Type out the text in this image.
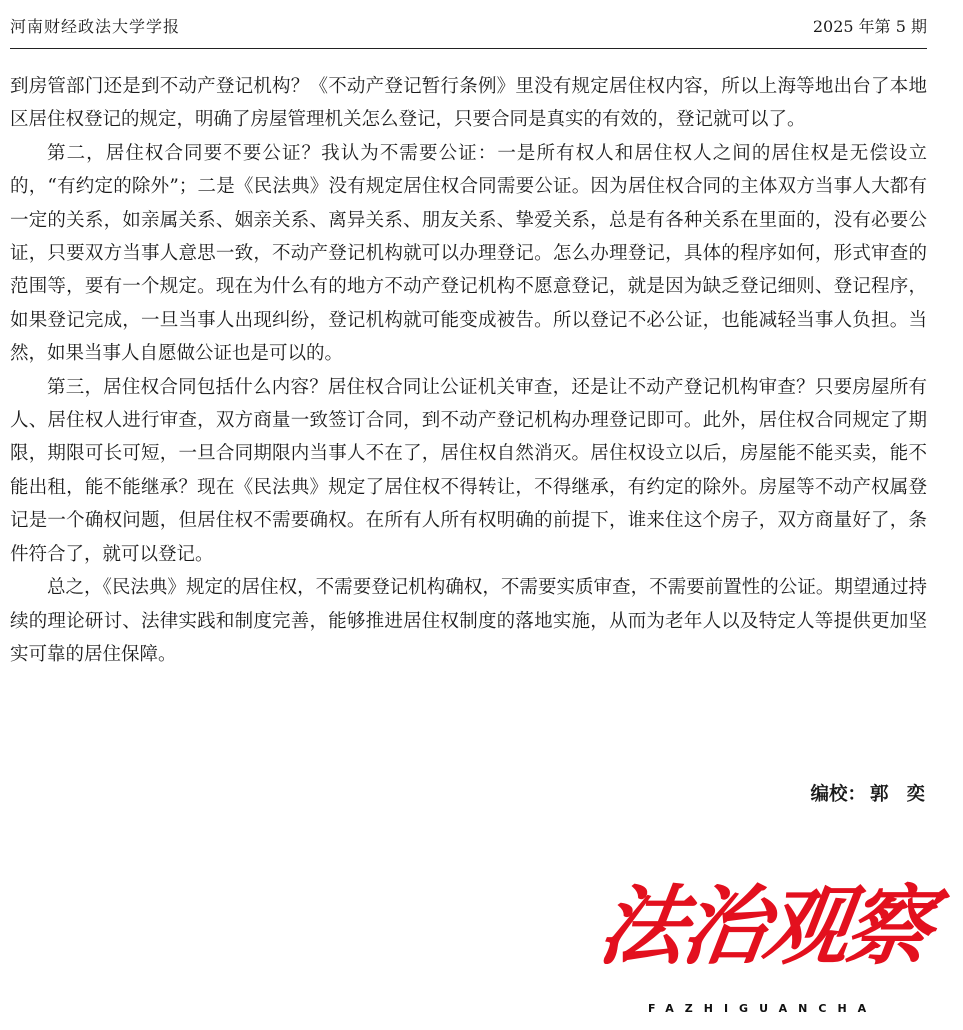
河南财经政法大学学报	2025 年第 5 期

到房管部门还是到不动产登记机构？《不动产登记暂行条例》里没有规定居住权内容，所以上海等地出台了本地区居住权登记的规定，明确了房屋管理机关怎么登记，只要合同是真实的有效的，登记就可以了。

第二，居住权合同要不要公证？我认为不需要公证：一是所有权人和居住权人之间的居住权是无偿设立的，“有约定的除外”；二是《民法典》没有规定居住权合同需要公证。因为居住权合同的主体双方当事人大都有一定的关系，如亲属关系、姻亲关系、离异关系、朋友关系、挚爱关系，总是有各种关系在里面的，没有必要公证，只要双方当事人意思一致，不动产登记机构就可以办理登记。怎么办理登记，具体的程序如何，形式审查的范围等，要有一个规定。现在为什么有的地方不动产登记机构不愿意登记，就是因为缺乏登记细则、登记程序，如果登记完成，一旦当事人出现纠纷，登记机构就可能变成被告。所以登记不必公证，也能减轻当事人负担。当然，如果当事人自愿做公证也是可以的。

第三，居住权合同包括什么内容？居住权合同让公证机关审查，还是让不动产登记机构审查？只要房屋所有人、居住权人进行审查，双方商量一致签订合同，到不动产登记机构办理登记即可。此外，居住权合同规定了期限，期限可长可短，一旦合同期限内当事人不在了，居住权自然消灭。居住权设立以后，房屋能不能买卖，能不能出租，能不能继承？现在《民法典》规定了居住权不得转让，不得继承，有约定的除外。房屋等不动产权属登记是一个确权问题，但居住权不需要确权。在所有人所有权明确的前提下，谁来住这个房子，双方商量好了，条件符合了，就可以登记。

总之，《民法典》规定的居住权，不需要登记机构确权，不需要实质审查，不需要前置性的公证。期望通过持续的理论研讨、法律实践和制度完善，能够推进居住权制度的落地实施，从而为老年人以及特定人等提供更加坚实可靠的居住保障。

编校： 郭奕
法治观察
FAZHIGUANCHA
